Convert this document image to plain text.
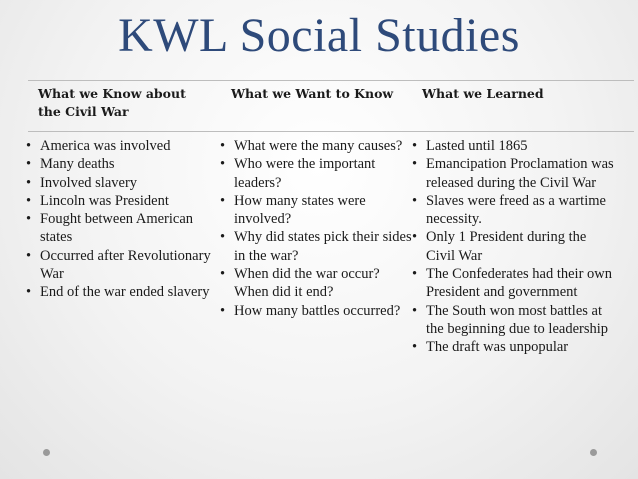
KWL Social Studies
What we Know about the Civil War
What we Want to Know	What we Learned
• America was involved
• Many deaths
• Involved slavery
• Lincoln was President
• Fought between American states
• Occurred after Revolutionary War
• End of the war ended slavery
• What were the many causes?
• Who were the important leaders?
• How many states were involved?
• Why did states pick their sides in the war?
• When did the war occur? When did it end?
• How many battles occurred?
• Lasted until 1865
• Emancipation Proclamation was released during the Civil War
• Slaves were freed as a wartime necessity.
• Only 1 President during the Civil War
• The Confederates had their own President and government
• The South won most battles at the beginning due to leadership
• The draft was unpopular
